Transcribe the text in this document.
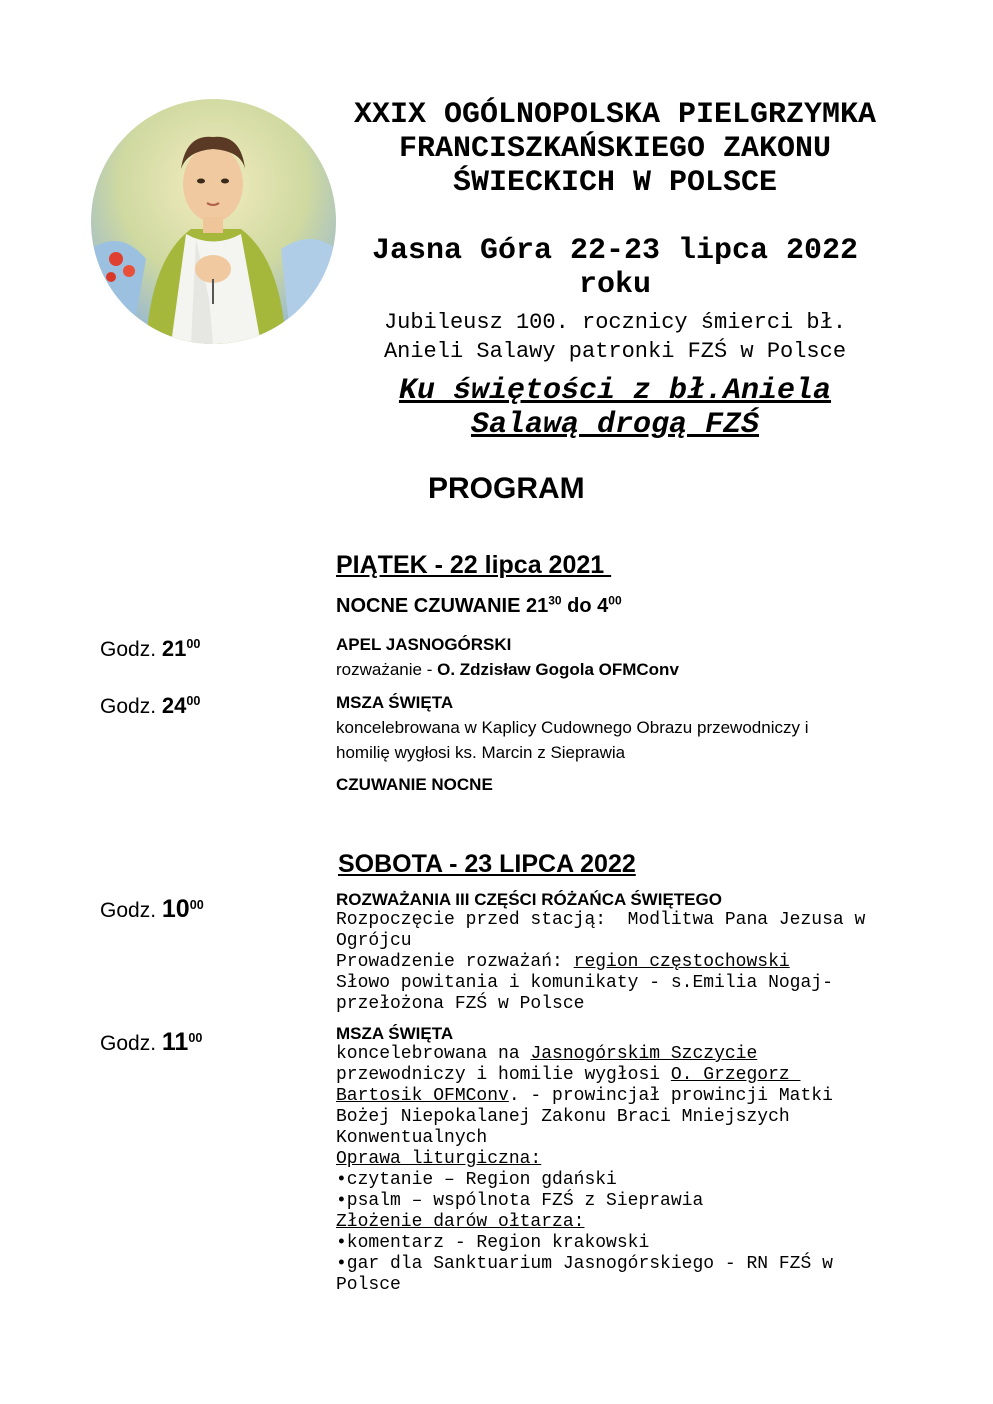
XXIX OGÓLNOPOLSKA PIELGRZYMKA
FRANCISZKAŃSKIEGO ZAKONU
ŚWIECKICH W POLSCE
Jasna Góra 22-23 lipca 2022
roku
Jubileusz 100. rocznicy śmierci bł.
Anieli Salawy patronki FZŚ w Polsce
Ku świętości z bł.Aniela
Salawą drogą FZŚ
PROGRAM
PIĄTEK - 22 lipca 2021
NOCNE CZUWANIE $21^{30}$ do $4^{00}$
Godz. $21^{00}$	APEL JASNOGÓRSKI
rozważanie - O. Zdzisław Gogola OFMConv
Godz. $24^{00}$	MSZA ŚWIĘTA
koncelebrowana w Kaplicy Cudownego Obrazu przewodniczy i
homilię wygłosi ks. Marcin z Sieprawia
CZUWANIE NOCNE
SOBOTA - 23 LIPCA 2022
Godz. $10^{00}$	ROZWAŻANIA III CZĘŚCI RÓŻAŃCA ŚWIĘTEGO
Rozpoczęcie przed stacją:  Modlitwa Pana Jezusa w
Ogrójcu
Prowadzenie rozważań: region częstochowski
Słowo powitania i komunikaty - s.Emilia Nogaj-
przełożona FZŚ w Polsce
Godz. $11^{00}$	MSZA ŚWIĘTA
koncelebrowana na Jasnogórskim Szczycie
przewodniczy i homilie wygłosi O. Grzegorz
Bartosik OFMConv. - prowincjał prowincji Matki
Bożej Niepokalanej Zakonu Braci Mniejszych
Konwentualnych
Oprawa liturgiczna:
•czytanie – Region gdański
•psalm – wspólnota FZŚ z Sieprawia
Złożenie darów ołtarza:
•komentarz - Region krakowski
•gar dla Sanktuarium Jasnogórskiego - RN FZŚ w
Polsce
